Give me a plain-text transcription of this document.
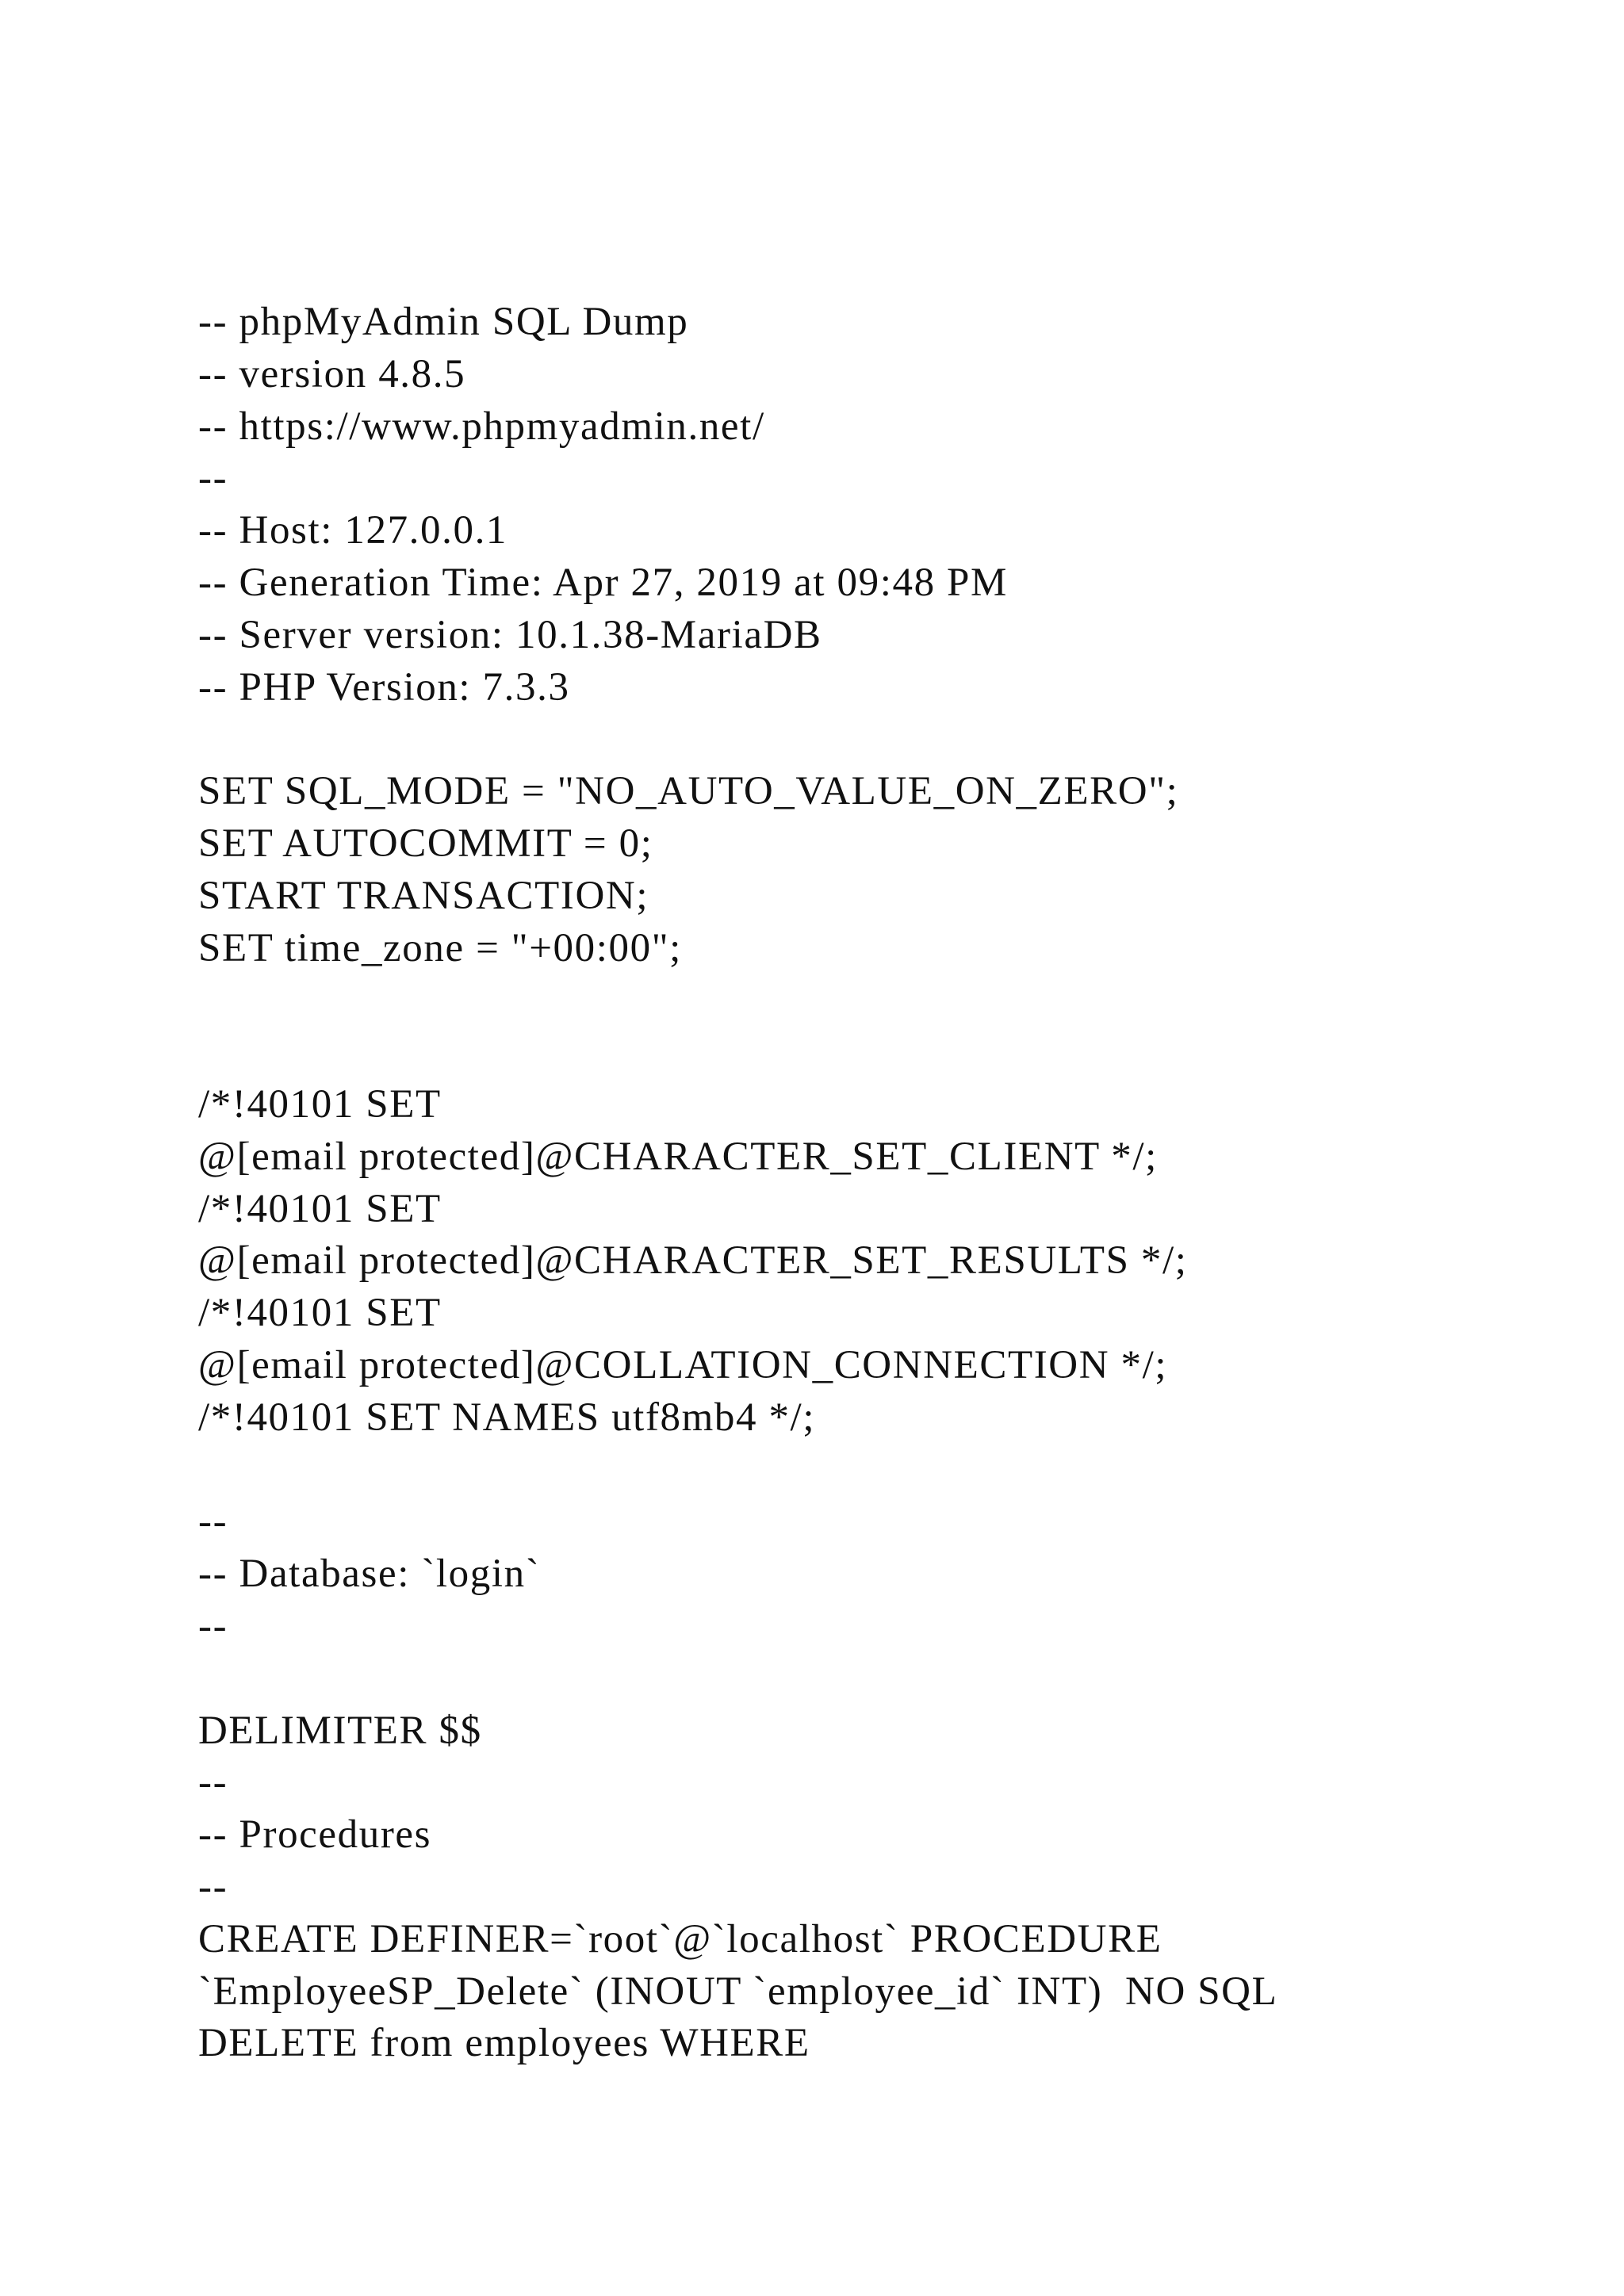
-- phpMyAdmin SQL Dump
-- version 4.8.5
-- https://www.phpmyadmin.net/
--
-- Host: 127.0.0.1
-- Generation Time: Apr 27, 2019 at 09:48 PM
-- Server version: 10.1.38-MariaDB
-- PHP Version: 7.3.3
SET SQL_MODE = "NO_AUTO_VALUE_ON_ZERO";
SET AUTOCOMMIT = 0;
START TRANSACTION;
SET time_zone = "+00:00";
/*!40101 SET
@[email protected]@CHARACTER_SET_CLIENT */;
/*!40101 SET
@[email protected]@CHARACTER_SET_RESULTS */;
/*!40101 SET
@[email protected]@COLLATION_CONNECTION */;
/*!40101 SET NAMES utf8mb4 */;
--
-- Database: `login`
--
DELIMITER $$
--
-- Procedures
--
CREATE DEFINER=`root`@`localhost` PROCEDURE
`EmployeeSP_Delete` (INOUT `employee_id` INT)  NO SQL
DELETE from employees WHERE
